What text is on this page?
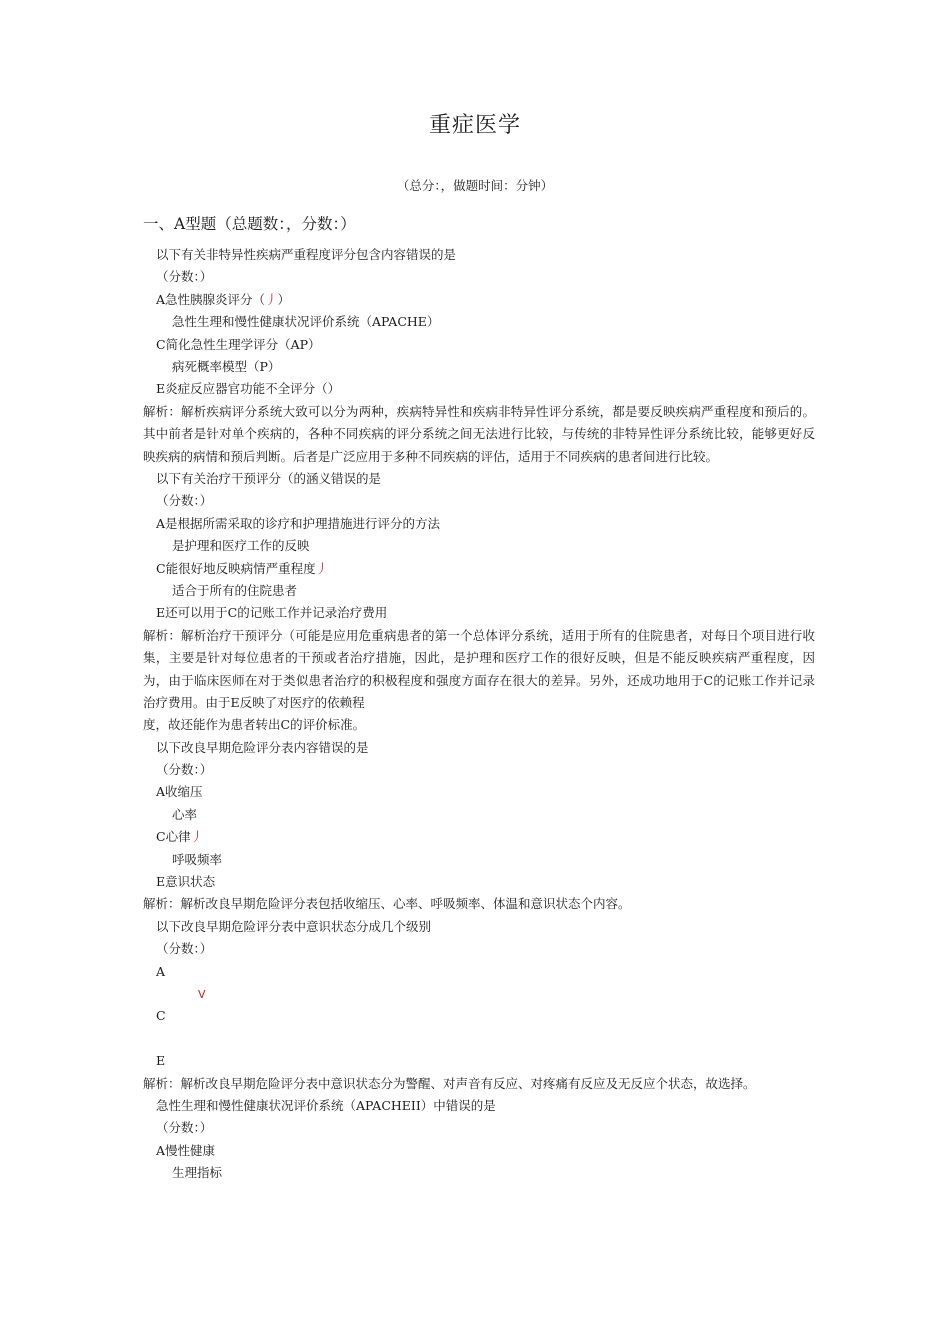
重症医学
（总分：，做题时间：分钟）
一、A型题（总题数：，分数：）
以下有关非特异性疾病严重程度评分包含内容错误的是
（分数：）
A急性胰腺炎评分（丿）
急性生理和慢性健康状况评价系统（APACHE）
C简化急性生理学评分（AP）
病死概率模型（P）
E炎症反应器官功能不全评分（）
解析：解析疾病评分系统大致可以分为两种，疾病特异性和疾病非特异性评分系统，都是要反映疾病严重程度和预后的。其中前者是针对单个疾病的，各种不同疾病的评分系统之间无法进行比较，与传统的非特异性评分系统比较，能够更好反映疾病的病情和预后判断。后者是广泛应用于多种不同疾病的评估，适用于不同疾病的患者间进行比较。
以下有关治疗干预评分（的涵义错误的是
（分数：）
A是根据所需采取的诊疗和护理措施进行评分的方法
是护理和医疗工作的反映
C能很好地反映病情严重程度丿
适合于所有的住院患者
E还可以用于C的记账工作并记录治疗费用
解析：解析治疗干预评分（可能是应用危重病患者的第一个总体评分系统，适用于所有的住院患者，对每日个项目进行收集，主要是针对每位患者的干预或者治疗措施，因此，是护理和医疗工作的很好反映，但是不能反映疾病严重程度，因为，由于临床医师在对于类似患者治疗的积极程度和强度方面存在很大的差异。另外，还成功地用于C的记账工作并记录治疗费用。由于E反映了对医疗的依赖程
度，故还能作为患者转出C的评价标准。
以下改良早期危险评分表内容错误的是
（分数：）
A收缩压
心率
C心律丿
呼吸频率
E意识状态
解析：解析改良早期危险评分表包括收缩压、心率、呼吸频率、体温和意识状态个内容。
以下改良早期危险评分表中意识状态分成几个级别
（分数：）
A
V
C
E
解析：解析改良早期危险评分表中意识状态分为警醒、对声音有反应、对疼痛有反应及无反应个状态，故选择。
急性生理和慢性健康状况评价系统（APACHEII）中错误的是
（分数：）
A慢性健康
生理指标
